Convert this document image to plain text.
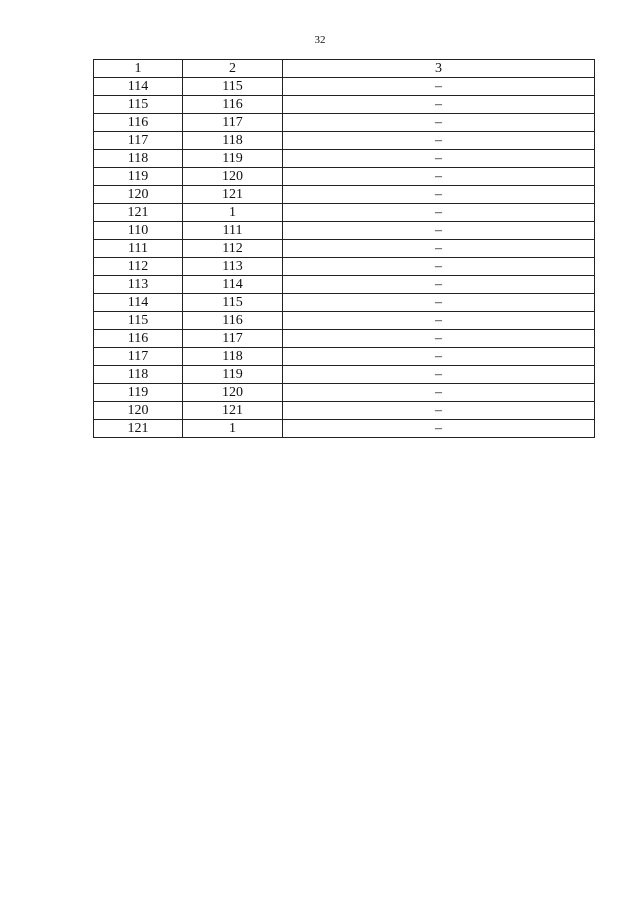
32
1	2	3
114	115	–
115	116	–
116	117	–
117	118	–
118	119	–
119	120	–
120	121	–
121	1	–
110	111	–
111	112	–
112	113	–
113	114	–
114	115	–
115	116	–
116	117	–
117	118	–
118	119	–
119	120	–
120	121	–
121	1	–
